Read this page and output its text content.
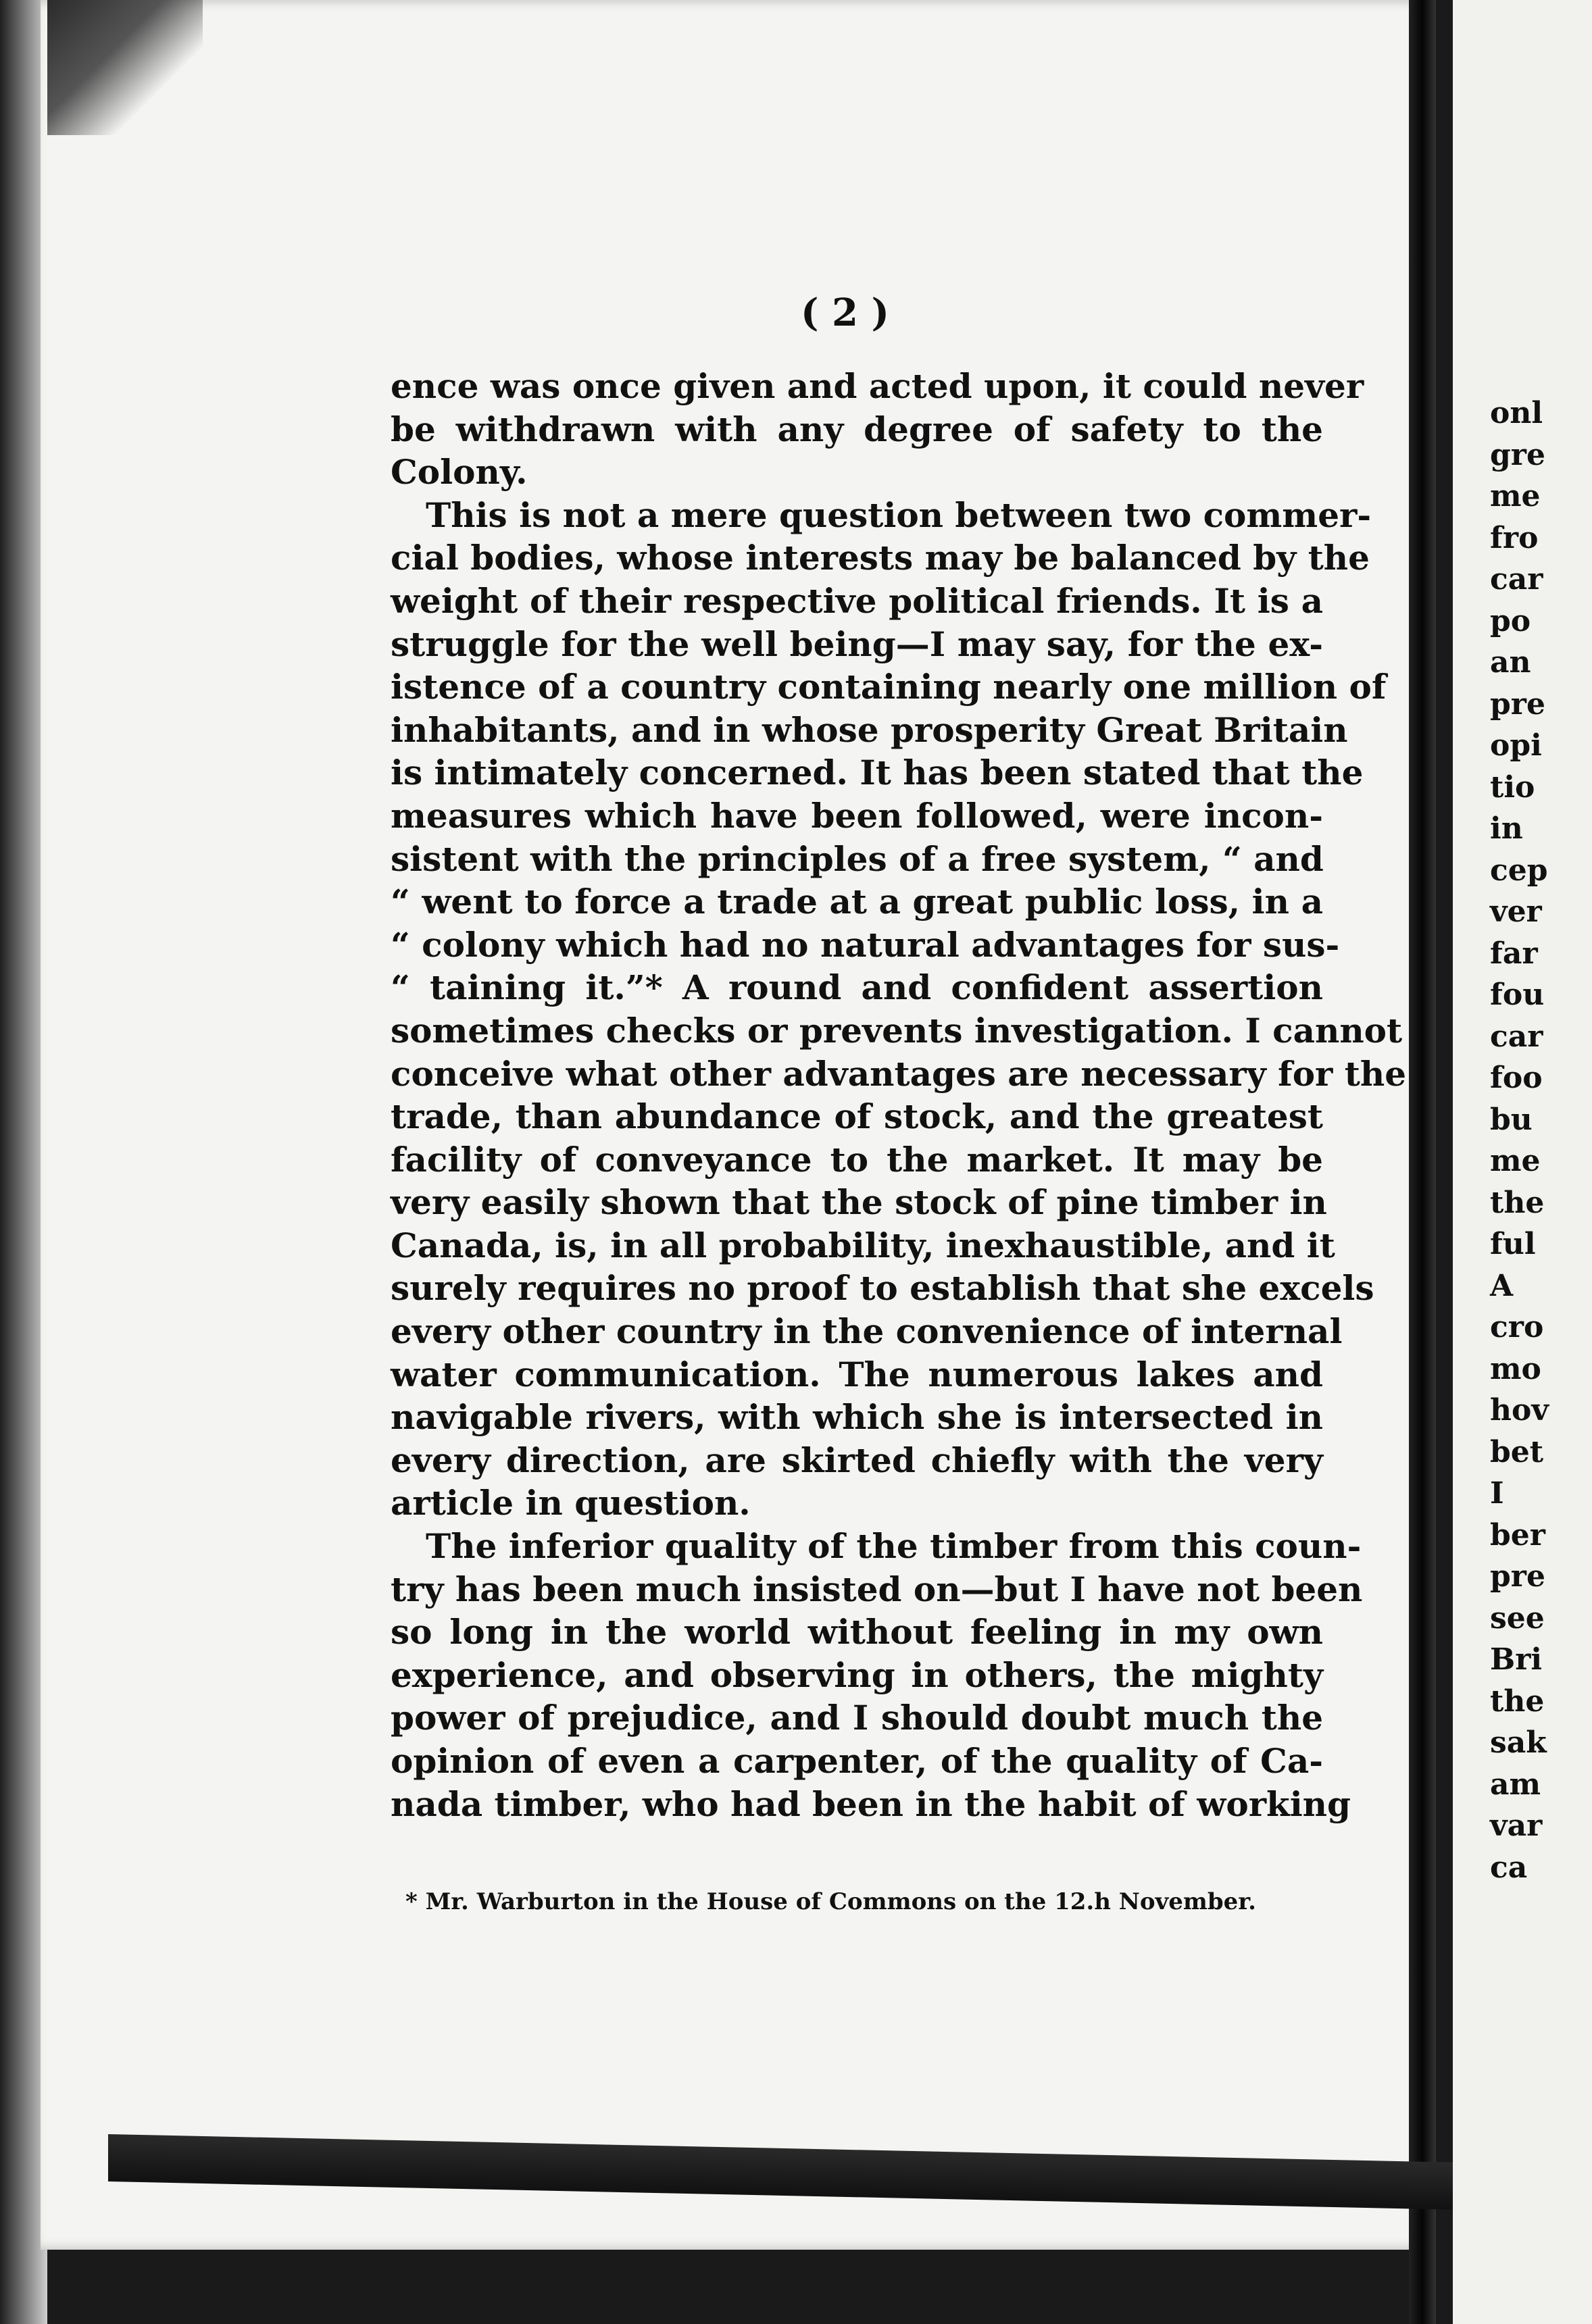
onl
gre
me
fro
car
po
an
pre
opi
tio
in
cep
ver
far
fou
car
foo
bu
me
the
ful
A
cro
mo
hov
bet
I
ber
pre
see
Bri
the
sak
am
var
ca
( 2 )
ence was once given and acted upon, it could never
be withdrawn with any degree of safety to the
Colony.
This is not a mere question between two commer-
cial bodies, whose interests may be balanced by the
weight of their respective political friends. It is a
struggle for the well being—I may say, for the ex-
istence of a country containing nearly one million of
inhabitants, and in whose prosperity Great Britain
is intimately concerned. It has been stated that the
measures which have been followed, were incon-
sistent with the principles of a free system, “ and
“ went to force a trade at a great public loss, in a
“ colony which had no natural advantages for sus-
“ taining it.”* A round and confident assertion
sometimes checks or prevents investigation. I cannot
conceive what other advantages are necessary for the
trade, than abundance of stock, and the greatest
facility of conveyance to the market. It may be
very easily shown that the stock of pine timber in
Canada, is, in all probability, inexhaustible, and it
surely requires no proof to establish that she excels
every other country in the convenience of internal
water communication. The numerous lakes and
navigable rivers, with which she is intersected in
every direction, are skirted chiefly with the very
article in question.
The inferior quality of the timber from this coun-
try has been much insisted on—but I have not been
so long in the world without feeling in my own
experience, and observing in others, the mighty
power of prejudice, and I should doubt much the
opinion of even a carpenter, of the quality of Ca-
nada timber, who had been in the habit of working
* Mr. Warburton in the House of Commons on the 12.h November.
